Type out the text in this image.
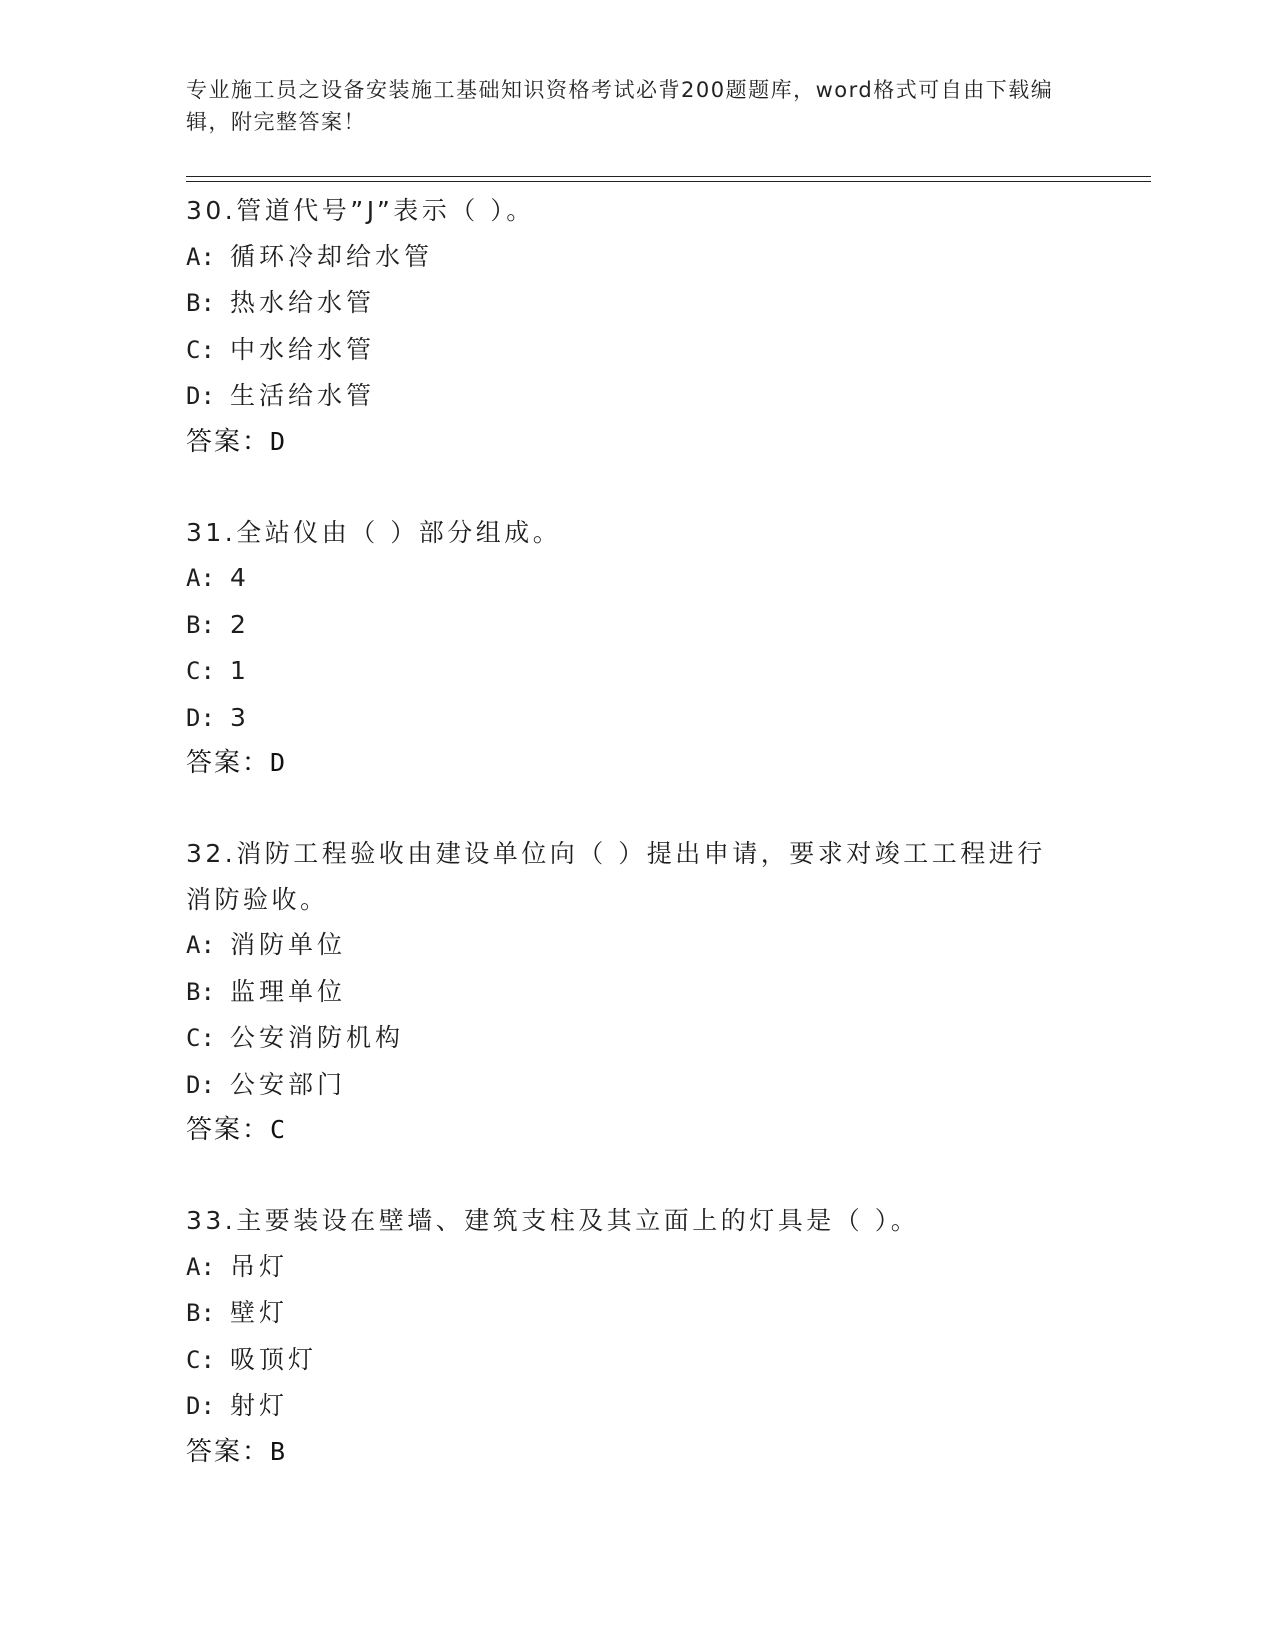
专业施工员之设备安装施工基础知识资格考试必背200题题库，word格式可自由下载编辑，附完整答案！
30.管道代号”J”表示（ ）。
A: 循环冷却给水管
B: 热水给水管
C: 中水给水管
D: 生活给水管
答案：D
31.全站仪由（ ）部分组成。
A: 4
B: 2
C: 1
D: 3
答案：D
32.消防工程验收由建设单位向（ ）提出申请，要求对竣工工程进行消防验收。
A: 消防单位
B: 监理单位
C: 公安消防机构
D: 公安部门
答案：C
33.主要装设在壁墙、建筑支柱及其立面上的灯具是（ ）。
A: 吊灯
B: 壁灯
C: 吸顶灯
D: 射灯
答案：B
